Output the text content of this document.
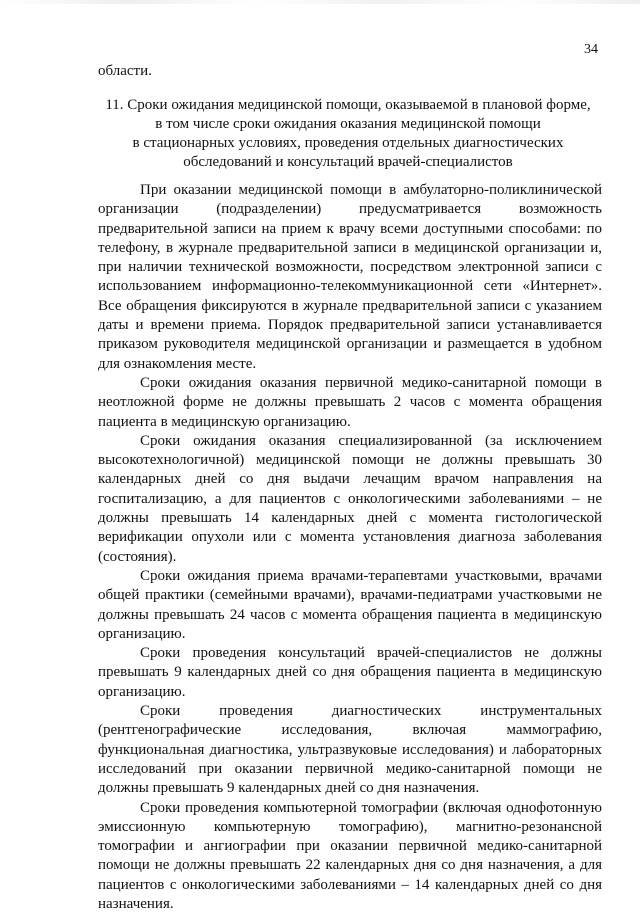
34
области.
11. Сроки ожидания медицинской помощи, оказываемой в плановой форме,
в том числе сроки ожидания оказания медицинской помощи
в стационарных условиях, проведения отдельных диагностических
обследований и консультаций врачей-специалистов

При оказании медицинской помощи в амбулаторно-поликлинической организации (подразделении) предусматривается возможность предварительной записи на прием к врачу всеми доступными способами: по телефону, в журнале предварительной записи в медицинской организации и, при наличии технической возможности, посредством электронной записи с использованием информационно-телекоммуникационной сети «Интернет». Все обращения фиксируются в журнале предварительной записи с указанием даты и времени приема. Порядок предварительной записи устанавливается приказом руководителя медицинской организации и размещается в удобном для ознакомления месте.

Сроки ожидания оказания первичной медико-санитарной помощи в неотложной форме не должны превышать 2 часов с момента обращения пациента в медицинскую организацию.

Сроки ожидания оказания специализированной (за исключением высокотехнологичной) медицинской помощи не должны превышать 30 календарных дней со дня выдачи лечащим врачом направления на госпитализацию, а для пациентов с онкологическими заболеваниями – не должны превышать 14 календарных дней с момента гистологической верификации опухоли или с момента установления диагноза заболевания (состояния).

Сроки ожидания приема врачами-терапевтами участковыми, врачами общей практики (семейными врачами), врачами-педиатрами участковыми не должны превышать 24 часов с момента обращения пациента в медицинскую организацию.

Сроки проведения консультаций врачей-специалистов не должны превышать 9 календарных дней со дня обращения пациента в медицинскую организацию.

Сроки проведения диагностических инструментальных (рентгенографические исследования, включая маммографию, функциональная диагностика, ультразвуковые исследования) и лабораторных исследований при оказании первичной медико-санитарной помощи не должны превышать 9 календарных дней со дня назначения.

Сроки проведения компьютерной томографии (включая однофотонную эмиссионную компьютерную томографию), магнитно-резонансной томографии и ангиографии при оказании первичной медико-санитарной помощи не должны превышать 22 календарных дня со дня назначения, а для пациентов с онкологическими заболеваниями – 14 календарных дней со дня назначения.
